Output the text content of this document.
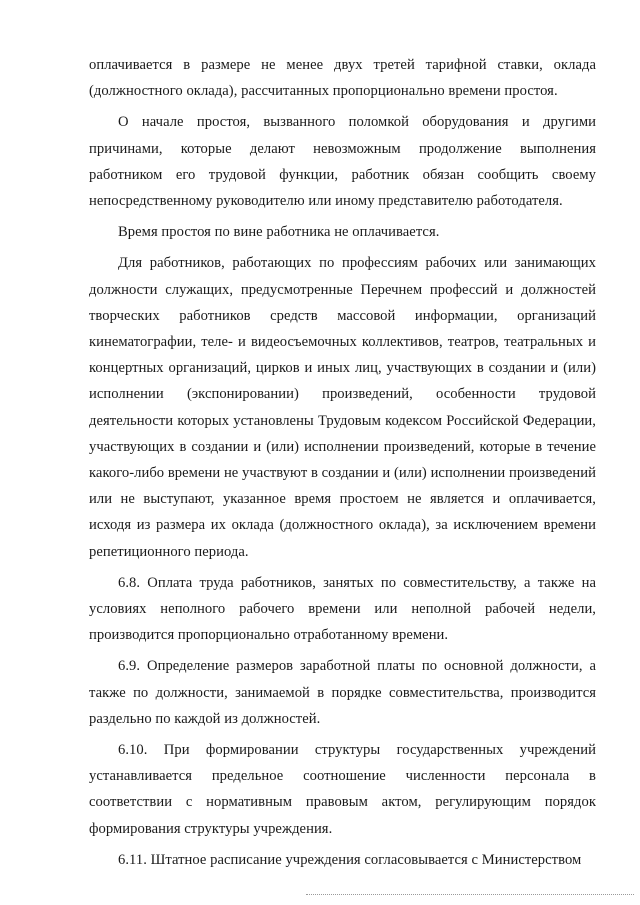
оплачивается в размере не менее двух третей тарифной ставки, оклада (должностного оклада), рассчитанных пропорционально времени простоя.

О начале простоя, вызванного поломкой оборудования и другими причинами, которые делают невозможным продолжение выполнения работником его трудовой функции, работник обязан сообщить своему непосредственному руководителю или иному представителю работодателя.

Время простоя по вине работника не оплачивается.

Для работников, работающих по профессиям рабочих или занимающих должности служащих, предусмотренные Перечнем профессий и должностей творческих работников средств массовой информации, организаций кинематографии, теле- и видеосъемочных коллективов, театров, театральных и концертных организаций, цирков и иных лиц, участвующих в создании и (или) исполнении (экспонировании) произведений, особенности трудовой деятельности которых установлены Трудовым кодексом Российской Федерации, участвующих в создании и (или) исполнении произведений, которые в течение какого-либо времени не участвуют в создании и (или) исполнении произведений или не выступают, указанное время простоем не является и оплачивается, исходя из размера их оклада (должностного оклада), за исключением времени репетиционного периода.

6.8. Оплата труда работников, занятых по совместительству, а также на условиях неполного рабочего времени или неполной рабочей недели, производится пропорционально отработанному времени.

6.9. Определение размеров заработной платы по основной должности, а также по должности, занимаемой в порядке совместительства, производится раздельно по каждой из должностей.

6.10. При формировании структуры государственных учреждений устанавливается предельное соотношение численности персонала в соответствии с нормативным правовым актом, регулирующим порядок формирования структуры учреждения.

6.11. Штатное расписание учреждения согласовывается с Министерством
